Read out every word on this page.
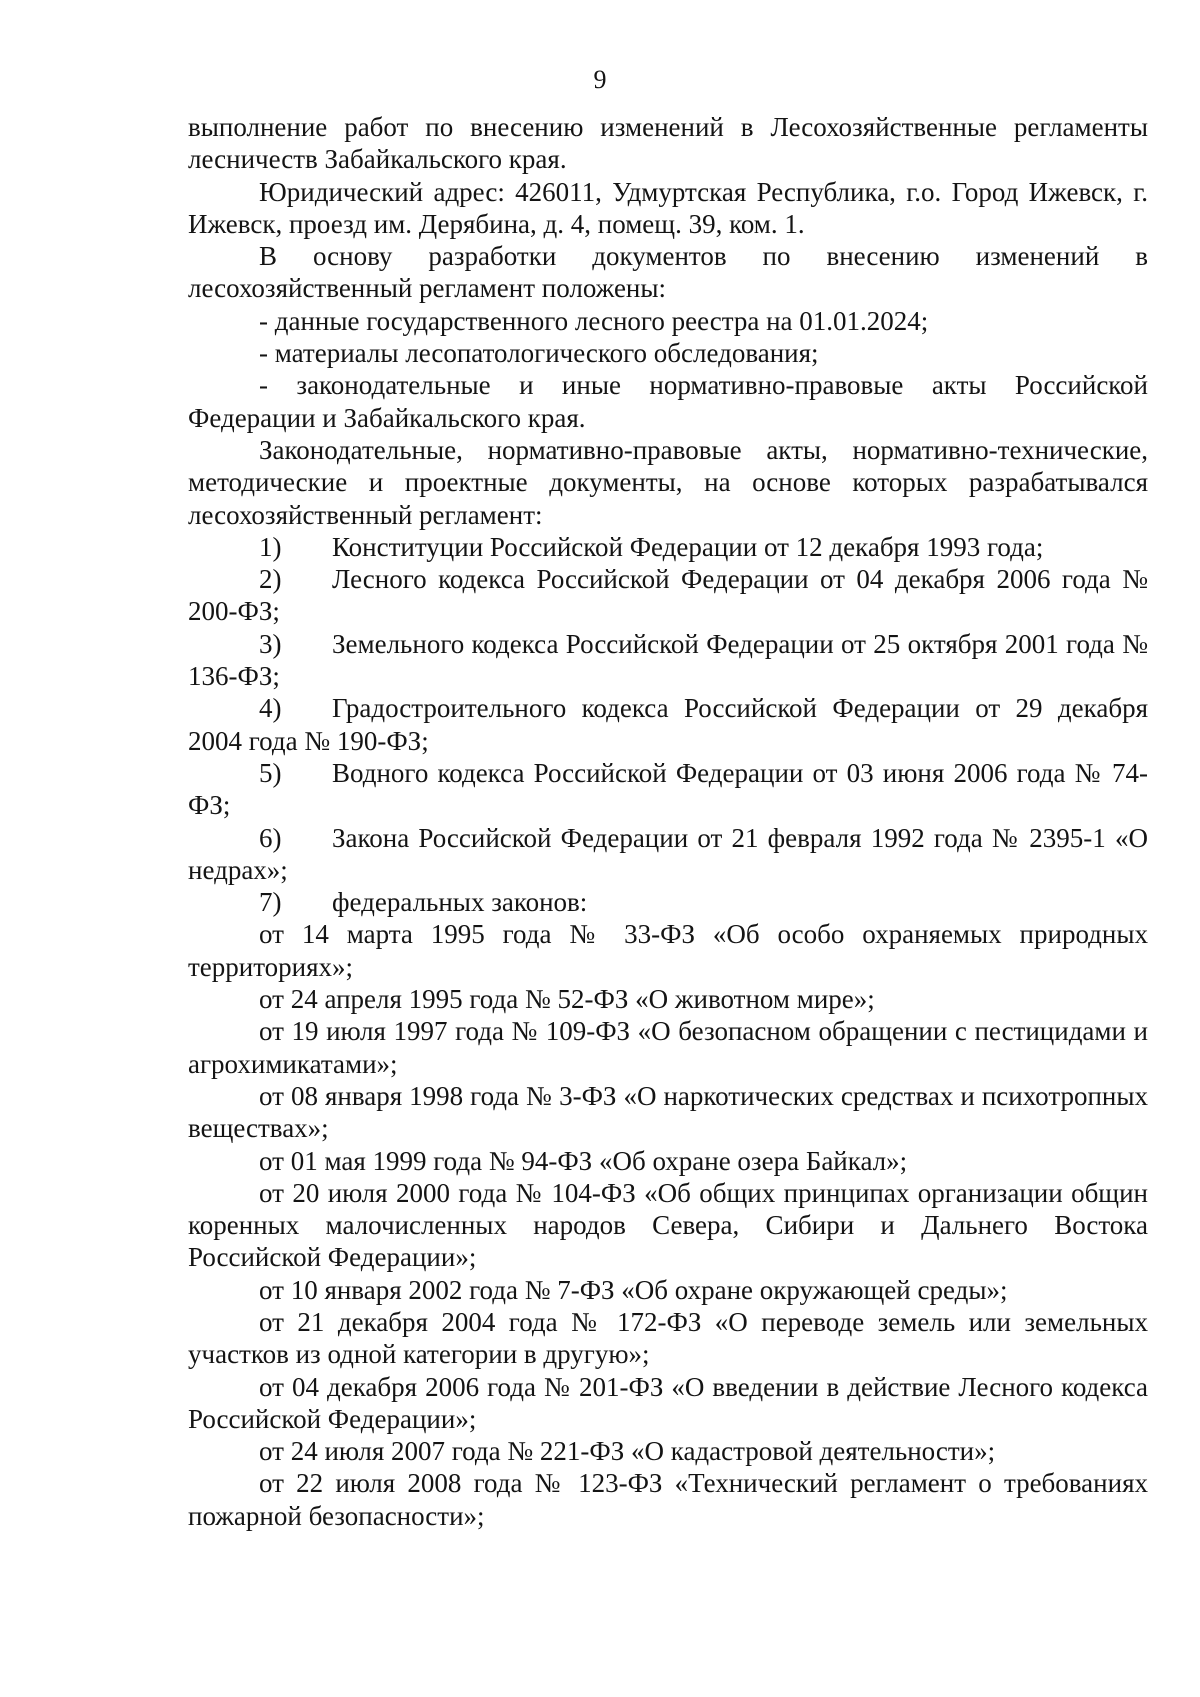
9

выполнение работ по внесению изменений в Лесохозяйственные регламенты лесничеств Забайкальского края.

Юридический адрес: 426011, Удмуртская Республика, г.о. Город Ижевск, г. Ижевск, проезд им. Дерябина, д. 4, помещ. 39, ком. 1.

В основу разработки документов по внесению изменений в лесохозяйственный регламент положены:

- данные государственного лесного реестра на 01.01.2024;

- материалы лесопатологического обследования;

- законодательные и иные нормативно-правовые акты Российской Федерации и Забайкальского края.

Законодательные, нормативно-правовые акты, нормативно-технические, методические и проектные документы, на основе которых разрабатывался лесохозяйственный регламент:

1) Конституции Российской Федерации от 12 декабря 1993 года;

2) Лесного кодекса Российской Федерации от 04 декабря 2006 года № 200-ФЗ;

3) Земельного кодекса Российской Федерации от 25 октября 2001 года № 136-ФЗ;

4) Градостроительного кодекса Российской Федерации от 29 декабря 2004 года № 190-ФЗ;

5) Водного кодекса Российской Федерации от 03 июня 2006 года № 74-ФЗ;

6) Закона Российской Федерации от 21 февраля 1992 года № 2395-1 «О недрах»;

7) федеральных законов:

от 14 марта 1995 года № 33-ФЗ «Об особо охраняемых природных территориях»;

от 24 апреля 1995 года № 52-ФЗ «О животном мире»;

от 19 июля 1997 года № 109-ФЗ «О безопасном обращении с пестицидами и агрохимикатами»;

от 08 января 1998 года № 3-ФЗ «О наркотических средствах и психотропных веществах»;

от 01 мая 1999 года № 94-ФЗ «Об охране озера Байкал»;

от 20 июля 2000 года № 104-ФЗ «Об общих принципах организации общин коренных малочисленных народов Севера, Сибири и Дальнего Востока Российской Федерации»;

от 10 января 2002 года № 7-ФЗ «Об охране окружающей среды»;

от 21 декабря 2004 года № 172-ФЗ «О переводе земель или земельных участков из одной категории в другую»;

от 04 декабря 2006 года № 201-ФЗ «О введении в действие Лесного кодекса Российской Федерации»;

от 24 июля 2007 года № 221-ФЗ «О кадастровой деятельности»;

от 22 июля 2008 года № 123-ФЗ «Технический регламент о требованиях пожарной безопасности»;
